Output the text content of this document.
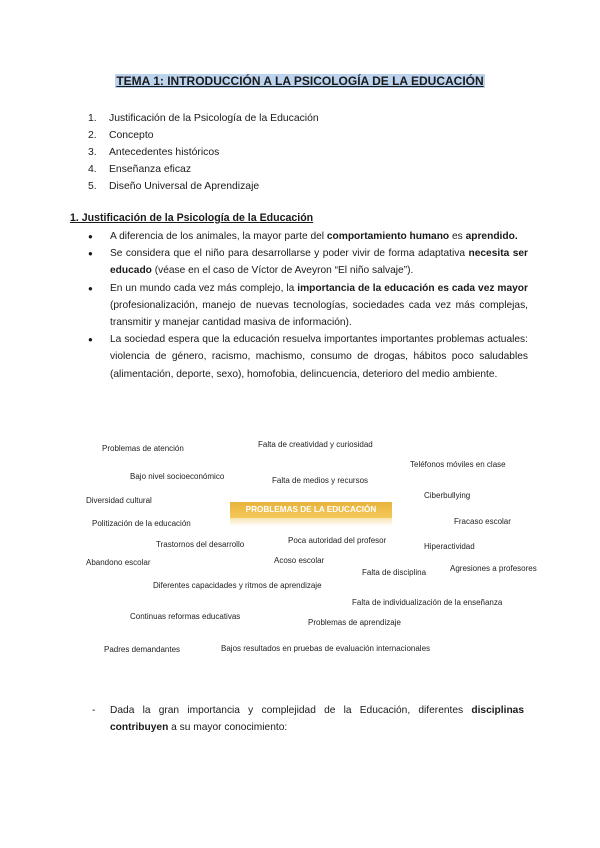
TEMA 1: INTRODUCCIÓN A LA PSICOLOGÍA DE LA EDUCACIÓN
1. Justificación de la Psicología de la Educación
2. Concepto
3. Antecedentes históricos
4. Enseñanza eficaz
5. Diseño Universal de Aprendizaje
1. Justificación de la Psicología de la Educación
● A diferencia de los animales, la mayor parte del comportamiento humano es aprendido.
● Se considera que el niño para desarrollarse y poder vivir de forma adaptativa necesita ser educado (véase en el caso de Víctor de Aveyron “El niño salvaje”).
● En un mundo cada vez más complejo, la importancia de la educación es cada vez mayor (profesionalización, manejo de nuevas tecnologías, sociedades cada vez más complejas, transmitir y manejar cantidad masiva de información).
● La sociedad espera que la educación resuelva importantes importantes problemas actuales: violencia de género, racismo, machismo, consumo de drogas, hábitos poco saludables (alimentación, deporte, sexo), homofobia, delincuencia, deterioro del medio ambiente.
Problemas de atención	Falta de creatividad y curiosidad
Teléfonos móviles en clase
Bajo nivel socioeconómico	Falta de medios y recursos
Diversidad cultural
Ciberbullying
PROBLEMAS DE LA EDUCACIÓN
Politización de la educación	Fracaso escolar
Trastornos del desarrollo	Poca autoridad del profesor
Hiperactividad
Abandono escolar	Acoso escolar
Falta de disciplina	Agresiones a profesores
Diferentes capacidades y ritmos de aprendizaje
Falta de individualización de la enseñanza
Continuas reformas educativas
Problemas de aprendizaje
Padres demandantes	Bajos resultados en pruebas de evaluación internacionales
-	Dada la gran importancia y complejidad de la Educación, diferentes disciplinas contribuyen a su mayor conocimiento:
